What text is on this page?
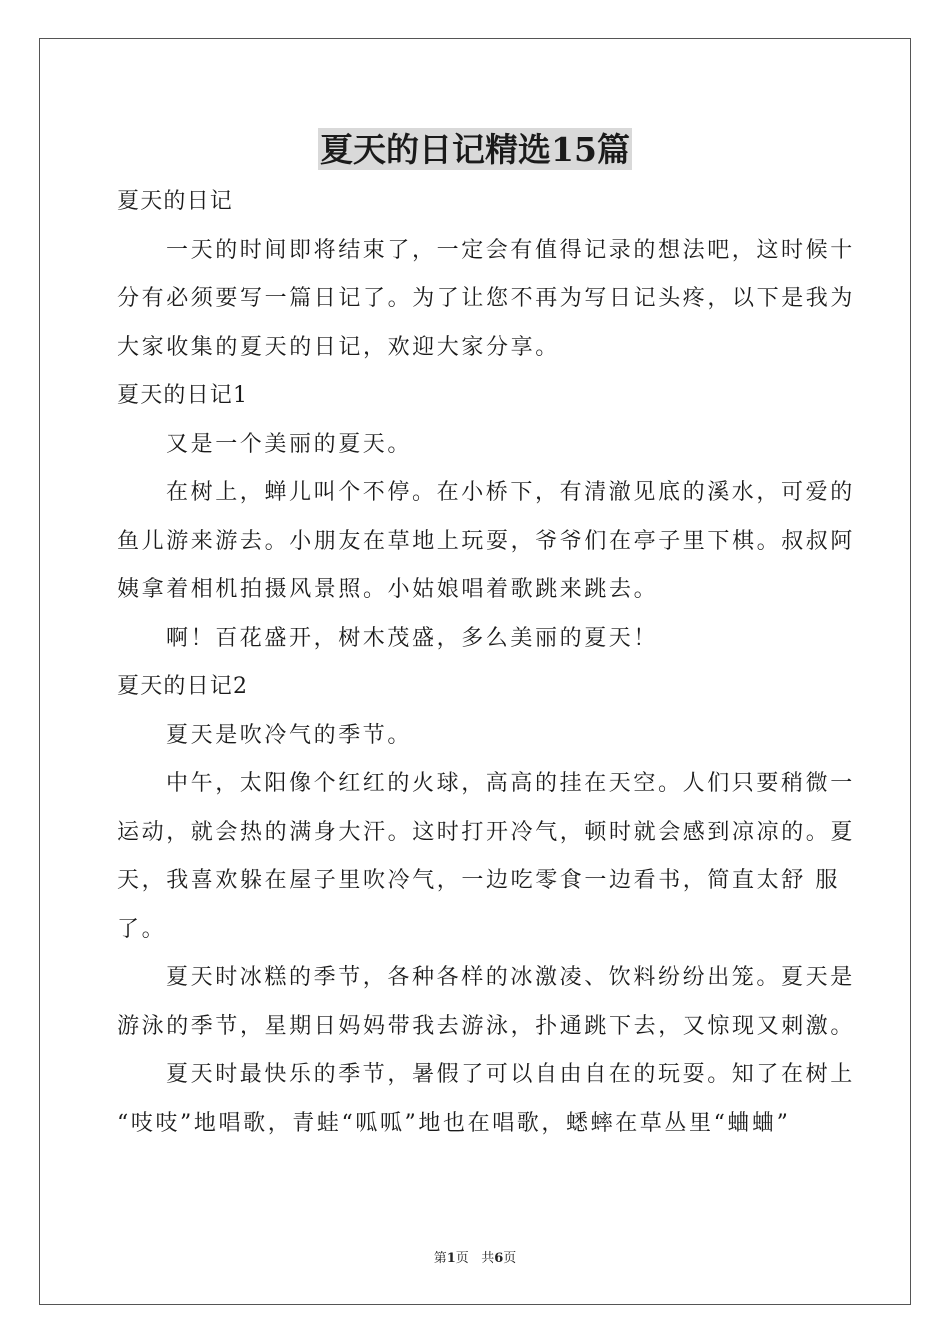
夏天的日记精选15篇
夏天的日记
一天的时间即将结束了，一定会有值得记录的想法吧，这时候十
分有必须要写一篇日记了。为了让您不再为写日记头疼，以下是我为
大家收集的夏天的日记，欢迎大家分享。
夏天的日记1
又是一个美丽的夏天。
在树上，蝉儿叫个不停。在小桥下，有清澈见底的溪水，可爱的
鱼儿游来游去。小朋友在草地上玩耍，爷爷们在亭子里下棋。叔叔阿
姨拿着相机拍摄风景照。小姑娘唱着歌跳来跳去。
啊！百花盛开，树木茂盛，多么美丽的夏天！
夏天的日记2
夏天是吹冷气的季节。
中午，太阳像个红红的火球，高高的挂在天空。人们只要稍微一
运动，就会热的满身大汗。这时打开冷气，顿时就会感到凉凉的。夏
天，我喜欢躲在屋子里吹冷气，一边吃零食一边看书，简直太舒 服
了。
夏天时冰糕的季节，各种各样的冰激凌、饮料纷纷出笼。夏天是
游泳的季节，星期日妈妈带我去游泳，扑通跳下去，又惊现又刺激。
夏天时最快乐的季节，暑假了可以自由自在的玩耍。知了在树上
“吱吱”地唱歌，青蛙“呱呱”地也在唱歌，蟋蟀在草丛里“蛐蛐”
第1页 共6页
